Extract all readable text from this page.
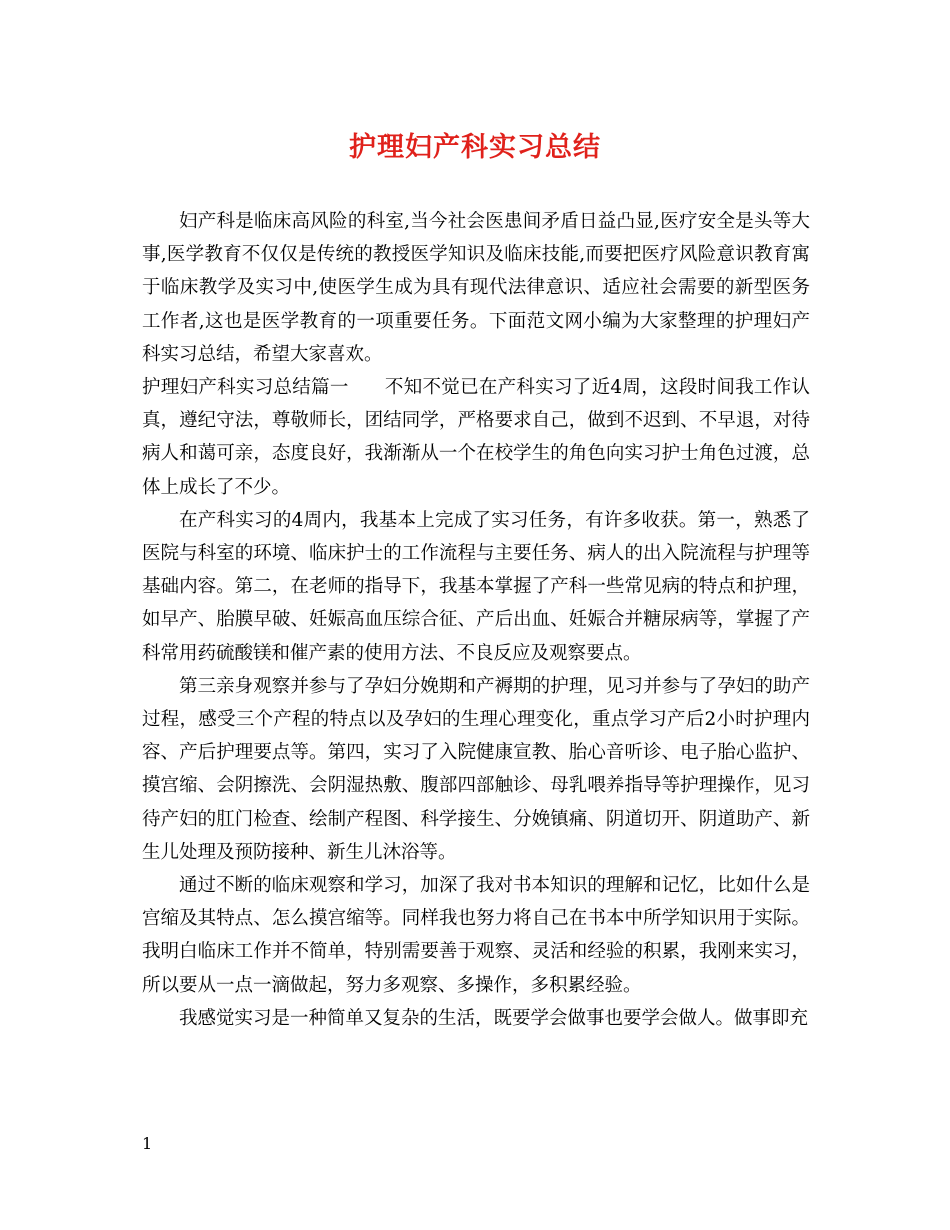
护理妇产科实习总结

妇产科是临床高风险的科室,当今社会医患间矛盾日益凸显,医疗安全是头等大事,医学教育不仅仅是传统的教授医学知识及临床技能,而要把医疗风险意识教育寓于临床教学及实习中,使医学生成为具有现代法律意识、适应社会需要的新型医务工作者,这也是医学教育的一项重要任务。下面范文网小编为大家整理的护理妇产科实习总结，希望大家喜欢。

护理妇产科实习总结篇一 不知不觉已在产科实习了近4周，这段时间我工作认真，遵纪守法，尊敬师长，团结同学，严格要求自己，做到不迟到、不早退，对待病人和蔼可亲，态度良好，我渐渐从一个在校学生的角色向实习护士角色过渡，总体上成长了不少。

在产科实习的4周内，我基本上完成了实习任务，有许多收获。第一，熟悉了医院与科室的环境、临床护士的工作流程与主要任务、病人的出入院流程与护理等基础内容。第二，在老师的指导下，我基本掌握了产科一些常见病的特点和护理，如早产、胎膜早破、妊娠高血压综合征、产后出血、妊娠合并糖尿病等，掌握了产科常用药硫酸镁和催产素的使用方法、不良反应及观察要点。

第三亲身观察并参与了孕妇分娩期和产褥期的护理，见习并参与了孕妇的助产过程，感受三个产程的特点以及孕妇的生理心理变化，重点学习产后2小时护理内容、产后护理要点等。第四，实习了入院健康宣教、胎心音听诊、电子胎心监护、摸宫缩、会阴擦洗、会阴湿热敷、腹部四部触诊、母乳喂养指导等护理操作，见习待产妇的肛门检查、绘制产程图、科学接生、分娩镇痛、阴道切开、阴道助产、新生儿处理及预防接种、新生儿沐浴等。

通过不断的临床观察和学习，加深了我对书本知识的理解和记忆，比如什么是宫缩及其特点、怎么摸宫缩等。同样我也努力将自己在书本中所学知识用于实际。我明白临床工作并不简单，特别需要善于观察、灵活和经验的积累，我刚来实习，所以要从一点一滴做起，努力多观察、多操作，多积累经验。

我感觉实习是一种简单又复杂的生活，既要学会做事也要学会做人。做事即充

1
